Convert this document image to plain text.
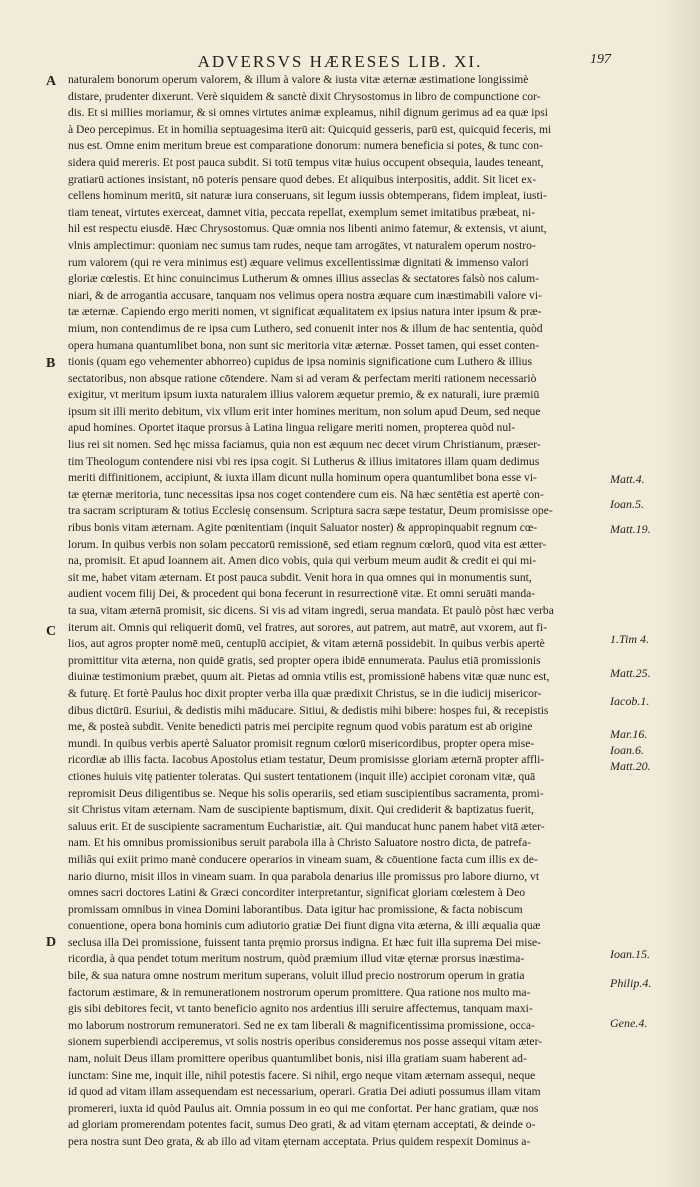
ADVERSVS HÆRESES LIB. XI.	197
A
B
C
D
naturalem bonorum operum valorem, & illum à valore & iusta vitæ æternæ æstimatione longissimè
distare, prudenter dixerunt. Verè siquidem & sanctè dixit Chrysostomus in libro de compunctione cor-
dis. Et si millies moriamur, & si omnes virtutes animæ expleamus, nihil dignum gerimus ad ea quæ ipsi
à Deo percepimus. Et in homilia septuagesima iterū ait: Quicquid gesseris, parū est, quicquid feceris, mi
nus est. Omne enim meritum breue est comparatione donorum: numera beneficia si potes, & tunc con-
sidera quid mereris. Et post pauca subdit. Si totū tempus vitæ huius occupent obsequia, laudes teneant,
gratiarū actiones insistant, nō poteris pensare quod debes. Et aliquibus interpositis, addit. Sit licet ex-
cellens hominum meritū, sit naturæ iura conseruans, sit legum iussis obtemperans, fidem impleat, iusti-
tiam teneat, virtutes exerceat, damnet vitia, peccata repellat, exemplum semet imitatibus præbeat, ni-
hil est respectu eiusdē. Hæc Chrysostomus. Quæ omnia nos libenti animo fatemur, & extensis, vt aiunt,
vlnis amplectimur: quoniam nec sumus tam rudes, neque tam arrogātes, vt naturalem operum nostro-
rum valorem (qui re vera minimus est) æquare velimus excellentissimæ dignitati & immenso valori
gloriæ cœlestis. Et hinc conuincimus Lutherum & omnes illius asseclas & sectatores falsò nos calum-
niari, & de arrogantia accusare, tanquam nos velimus opera nostra æquare cum inæstimabili valore vi-
tæ æternæ. Capiendo ergo meriti nomen, vt significat æqualitatem ex ipsius natura inter ipsum & præ-
mium, non contendimus de re ipsa cum Luthero, sed conuenit inter nos & illum de hac sententia, quòd
opera humana quantumlibet bona, non sunt sic meritoria vitæ æternæ. Posset tamen, qui esset conten-
tionis (quam ego vehementer abhorreo) cupidus de ipsa nominis significatione cum Luthero & illius
sectatoribus, non absque ratione cōtendere. Nam si ad veram & perfectam meriti rationem necessariò
exigitur, vt meritum ipsum iuxta naturalem illius valorem æquetur premio, & ex naturali, iure præmiū
ipsum sit illi merito debitum, vix vllum erit inter homines meritum, non solum apud Deum, sed neque
apud homines. Oportet itaque prorsus à Latina lingua religare meriti nomen, propterea quòd nul-
lius rei sit nomen. Sed hęc missa faciamus, quia non est æquum nec decet virum Christianum, præser-
tim Theologum contendere nisi vbi res ipsa cogit. Si Lutherus & illius imitatores illam quam dedimus
meriti diffinitionem, accipiunt, & iuxta illam dicunt nulla hominum opera quantumlibet bona esse vi-
tæ ęternæ meritoria, tunc necessitas ipsa nos coget contendere cum eis. Nā hæc sentētia est apertè con-
tra sacram scripturam & totius Ecclesię consensum. Scriptura sacra sæpe testatur, Deum promisisse ope-
ribus bonis vitam æternam. Agite pœnitentiam (inquit Saluator noster) & appropinquabit regnum cœ-
lorum. In quibus verbis non solam peccatorū remissionē, sed etiam regnum cœlorū, quod vita est ætter-
na, promisit. Et apud Ioannem ait. Amen dico vobis, quia qui verbum meum audit & credit ei qui mi-
sit me, habet vitam æternam. Et post pauca subdit. Venit hora in qua omnes qui in monumentis sunt,
audient vocem filij Dei, & procedent qui bona fecerunt in resurrectionē vitæ. Et omni seruāti manda-
ta sua, vitam æternā promisit, sic dicens. Si vis ad vitam ingredi, serua mandata. Et paulò pòst hæc verba
iterum ait. Omnis qui reliquerit domū, vel fratres, aut sorores, aut patrem, aut matrē, aut vxorem, aut fi-
lios, aut agros propter nomē meū, centuplū accipiet, & vitam æternā possidebit. In quibus verbis apertè
promittitur vita æterna, non quidē gratis, sed propter opera ibidē ennumerata. Paulus etiā promissionis
diuinæ testimonium præbet, quum ait. Pietas ad omnia vtilis est, promissionē habens vitæ quæ nunc est,
& futurę. Et fortè Paulus hoc dixit propter verba illa quæ prædixit Christus, se in die iudicij misericor-
dibus dictūrū. Esuriui, & dedistis mihi māducare. Sitiui, & dedistis mihi bibere: hospes fui, & recepistis
me, & posteà subdit. Venite benedicti patris mei percipite regnum quod vobis paratum est ab origine
mundi. In quibus verbis apertè Saluator promisit regnum cœlorū misericordibus, propter opera mise-
ricordiæ ab illis facta. Iacobus Apostolus etiam testatur, Deum promisisse gloriam æternā propter affli-
ctiones huiuis vitę patienter toleratas. Qui sustert tentationem (inquit ille) accipiet coronam vitæ, quā
repromisit Deus diligentibus se. Neque his solis operariis, sed etiam suscipientibus sacramenta, promi-
sit Christus vitam æternam. Nam de suscipiente baptismum, dixit. Qui crediderit & baptizatus fuerit,
saluus erit. Et de suscipiente sacramentum Eucharistiæ, ait. Qui manducat hunc panem habet vitā æter-
nam. Et his omnibus promissionibus seruit parabola illa à Christo Saluatore nostro dicta, de patrefa-
miliâs qui exiit primo manè conducere operarios in vineam suam, & cōuentione facta cum illis ex de-
nario diurno, misit illos in vineam suam. In qua parabola denarius ille promissus pro labore diurno, vt
omnes sacri doctores Latini & Græci concorditer interpretantur, significat gloriam cœlestem à Deo
promissam omnibus in vinea Domini laborantibus. Data igitur hac promissione, & facta nobiscum
conuentione, opera bona hominis cum adiutorio gratiæ Dei fiunt digna vita æterna, & illi æqualia quæ
seclusa illa Dei promissione, fuissent tanta pręmio prorsus indigna. Et hæc fuit illa suprema Dei mise-
ricordia, à qua pendet totum meritum nostrum, quòd præmium illud vitæ ęternæ prorsus inæstima-
bile, & sua natura omne nostrum meritum superans, voluit illud precio nostrorum operum in gratia
factorum æstimare, & in remunerationem nostrorum operum promittere. Qua ratione nos multo ma-
gis sibi debitores fecit, vt tanto beneficio agnito nos ardentius illi seruire affectemus, tanquam maxi-
mo laborum nostrorum remuneratori. Sed ne ex tam liberali & magnificentissima promissione, occa-
sionem superbiendi acciperemus, vt solis nostris operibus consideremus nos posse assequi vitam æter-
nam, noluit Deus illam promittere operibus quantumlibet bonis, nisi illa gratiam suam haberent ad-
iunctam: Sine me, inquit ille, nihil potestis facere. Si nihil, ergo neque vitam æternam assequi, neque
id quod ad vitam illam assequendam est necessarium, operari. Gratia Dei adiuti possumus illam vitam
promereri, iuxta id quòd Paulus ait. Omnia possum in eo qui me confortat. Per hanc gratiam, quæ nos
ad gloriam promerendam potentes facit, sumus Deo grati, & ad vitam ęternam acceptati, & deinde o-
pera nostra sunt Deo grata, & ab illo ad vitam ęternam acceptata. Prius quidem respexit Dominus a-
Matt.4.
Ioan.5.
Matt.19.
1.Tim 4.
Matt.25.
Iacob.1.
Mar.16.
Ioan.6.
Matt.20.
Ioan.15.
Philip.4.
Gene.4.
